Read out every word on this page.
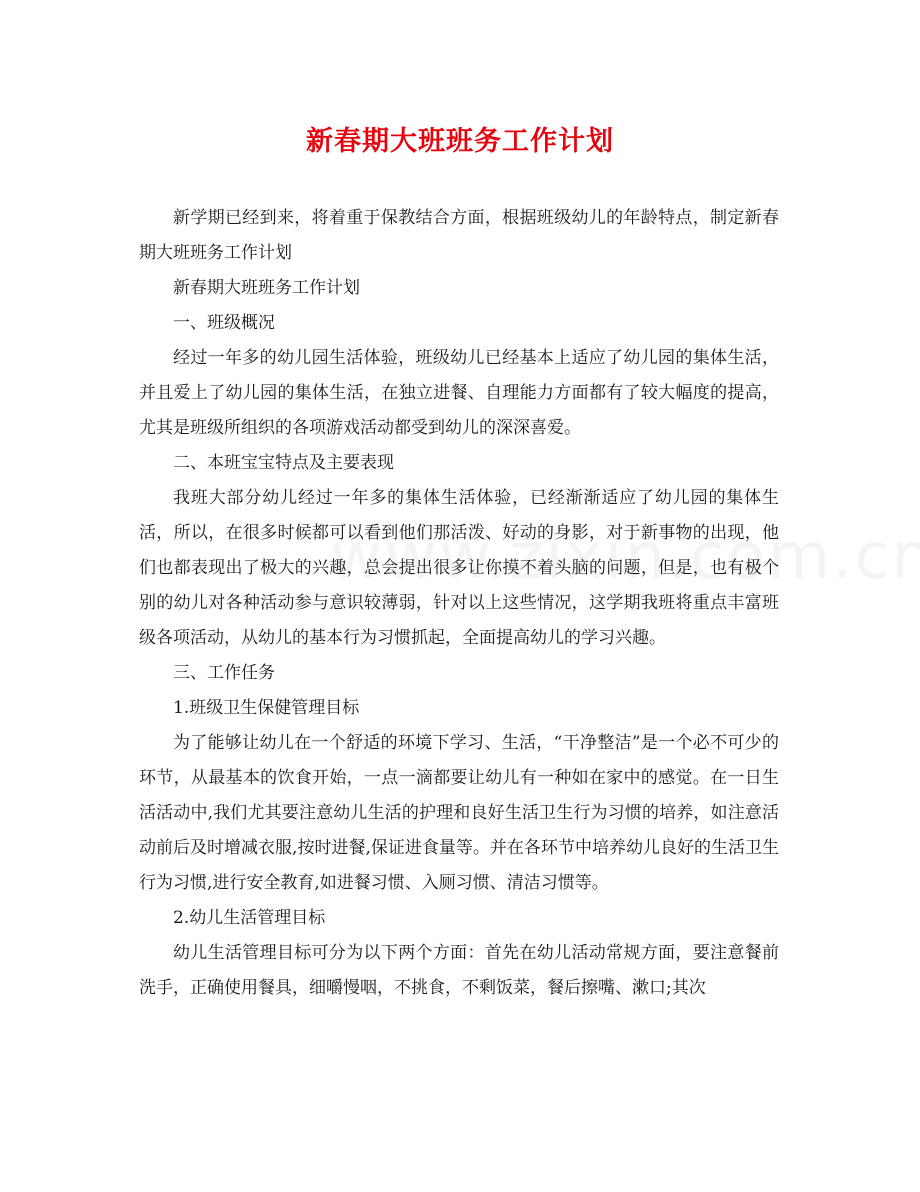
新春期大班班务工作计划

新学期已经到来，将着重于保教结合方面，根据班级幼儿的年龄特点，制定新春期大班班务工作计划

新春期大班班务工作计划

一、班级概况

经过一年多的幼儿园生活体验，班级幼儿已经基本上适应了幼儿园的集体生活，并且爱上了幼儿园的集体生活，在独立进餐、自理能力方面都有了较大幅度的提高，尤其是班级所组织的各项游戏活动都受到幼儿的深深喜爱。

二、本班宝宝特点及主要表现

我班大部分幼儿经过一年多的集体生活体验，已经渐渐适应了幼儿园的集体生活，所以，在很多时候都可以看到他们那活泼、好动的身影，对于新事物的出现，他们也都表现出了极大的兴趣，总会提出很多让你摸不着头脑的问题，但是，也有极个别的幼儿对各种活动参与意识较薄弱，针对以上这些情况，这学期我班将重点丰富班级各项活动，从幼儿的基本行为习惯抓起，全面提高幼儿的学习兴趣。

三、工作任务

1.班级卫生保健管理目标

为了能够让幼儿在一个舒适的环境下学习、生活，“干净整洁”是一个必不可少的环节，从最基本的饮食开始，一点一滴都要让幼儿有一种如在家中的感觉。在一日生活活动中,我们尤其要注意幼儿生活的护理和良好生活卫生行为习惯的培养，如注意活动前后及时增减衣服,按时进餐,保证进食量等。并在各环节中培养幼儿良好的生活卫生行为习惯,进行安全教育,如进餐习惯、入厕习惯、清洁习惯等。

2.幼儿生活管理目标

幼儿生活管理目标可分为以下两个方面：首先在幼儿活动常规方面，要注意餐前洗手，正确使用餐具，细嚼慢咽，不挑食，不剩饭菜，餐后擦嘴、漱口;其次
